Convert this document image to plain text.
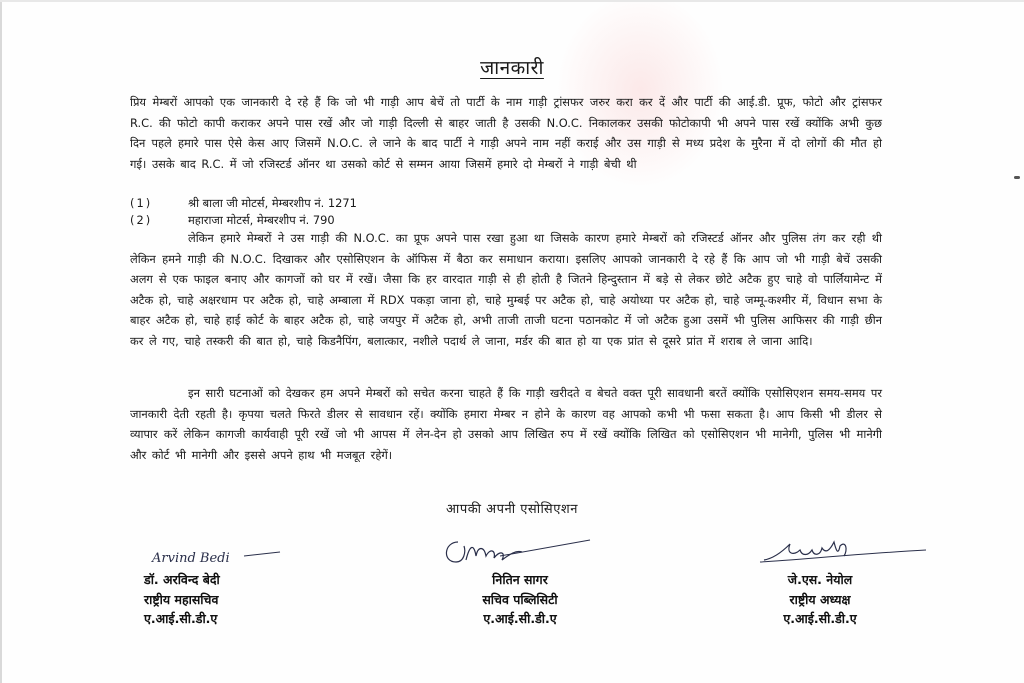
जानकारी
प्रिय मेम्बरों आपको एक जानकारी दे रहे हैं कि जो भी गाड़ी आप बेचें तो पार्टी के नाम गाड़ी ट्रांसफर जरुर करा कर दें और पार्टी की आई.डी. प्रूफ, फोटो और ट्रांसफर R.C. की फोटो कापी कराकर अपने पास रखें और जो गाड़ी दिल्ली से बाहर जाती है उसकी N.O.C. निकालकर उसकी फोटोकापी भी अपने पास रखें क्योंकि अभी कुछ दिन पहले हमारे पास ऐसे केस आए जिसमें N.O.C. ले जाने के बाद पार्टी ने गाड़ी अपने नाम नहीं कराई और उस गाड़ी से मध्य प्रदेश के मुरैना में दो लोगों की मौत हो गई। उसके बाद R.C. में जो रजिस्टर्ड ऑनर था उसको कोर्ट से सम्मन आया जिसमें हमारे दो मेम्बरों ने गाड़ी बेची थी
(1)	श्री बाला जी मोटर्स, मेम्बरशीप नं. 1271
(2)	महाराजा मोटर्स, मेम्बरशीप नं. 790
लेकिन हमारे मेम्बरों ने उस गाड़ी की N.O.C. का प्रूफ अपने पास रखा हुआ था जिसके कारण हमारे मेम्बरों को रजिस्टर्ड ऑनर और पुलिस तंग कर रही थी लेकिन हमने गाड़ी की N.O.C. दिखाकर और एसोसिएशन के ऑफिस में बैठा कर समाधान कराया। इसलिए आपको जानकारी दे रहे हैं कि आप जो भी गाड़ी बेचें उसकी अलग से एक फाइल बनाए और कागजों को घर में रखें। जैसा कि हर वारदात गाड़ी से ही होती है जितने हिन्दुस्तान में बड़े से लेकर छोटे अटैक हुए चाहे वो पार्लियामेन्ट में अटैक हो, चाहे अक्षरधाम पर अटैक हो, चाहे अम्बाला में RDX पकड़ा जाना हो, चाहे मुम्बई पर अटैक हो, चाहे अयोध्या पर अटैक हो, चाहे जम्मू-कश्मीर में, विधान सभा के बाहर अटैक हो, चाहे हाई कोर्ट के बाहर अटैक हो, चाहे जयपुर में अटैक हो, अभी ताजी ताजी घटना पठानकोट में जो अटैक हुआ उसमें भी पुलिस आफिसर की गाड़ी छीन कर ले गए, चाहे तस्करी की बात हो, चाहे किडनैपिंग, बलात्कार, नशीले पदार्थ ले जाना, मर्डर की बात हो या एक प्रांत से दूसरे प्रांत में शराब ले जाना आदि।
इन सारी घटनाओं को देखकर हम अपने मेम्बरों को सचेत करना चाहते हैं कि गाड़ी खरीदते व बेचते वक्त पूरी सावधानी बरतें क्योंकि एसोसिएशन समय-समय पर जानकारी देती रहती है। कृपया चलते फिरते डीलर से सावधान रहें। क्योंकि हमारा मेम्बर न होने के कारण वह आपको कभी भी फसा सकता है। आप किसी भी डीलर से व्यापार करें लेकिन कागजी कार्यवाही पूरी रखें जो भी आपस में लेन-देन हो उसको आप लिखित रुप में रखें क्योंकि लिखित को एसोसिएशन भी मानेगी, पुलिस भी मानेगी और कोर्ट भी मानेगी और इससे अपने हाथ भी मजबूत रहेगें।
आपकी अपनी एसोसिएशन
Arvind Bedi
डॉ. अरविन्द बेदी
राष्ट्रीय महासचिव
ए.आई.सी.डी.ए
नितिन सागर
सचिव पब्लिसिटी
ए.आई.सी.डी.ए
जे.एस. नेयोल
राष्ट्रीय अध्यक्ष
ए.आई.सी.डी.ए
